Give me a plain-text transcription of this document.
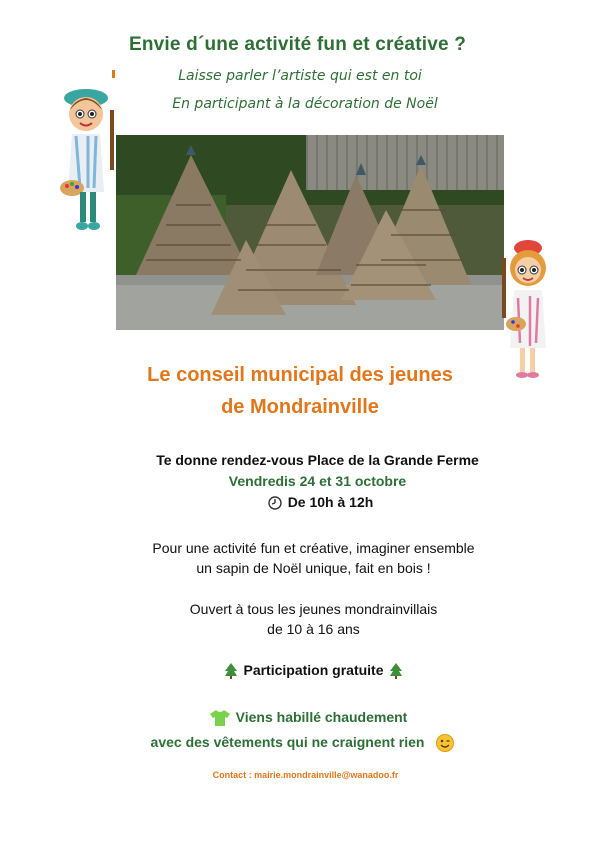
Envie d´une activité fun et créative ?
Laisse parler l’artiste qui est en toi
En participant à la décoration de Noël
Le conseil municipal des jeunes
de Mondrainville
Te donne rendez-vous Place de la Grande Ferme
Vendredis 24 et 31 octobre
De 10h à 12h
Pour une activité fun et créative, imaginer ensemble
un sapin de Noël unique, fait en bois !
Ouvert à tous les jeunes mondrainvillais
de 10 à 16 ans
Participation gratuite
Viens habillé chaudement
avec des vêtements qui ne craignent rien
Contact : mairie.mondrainville@wanadoo.fr
